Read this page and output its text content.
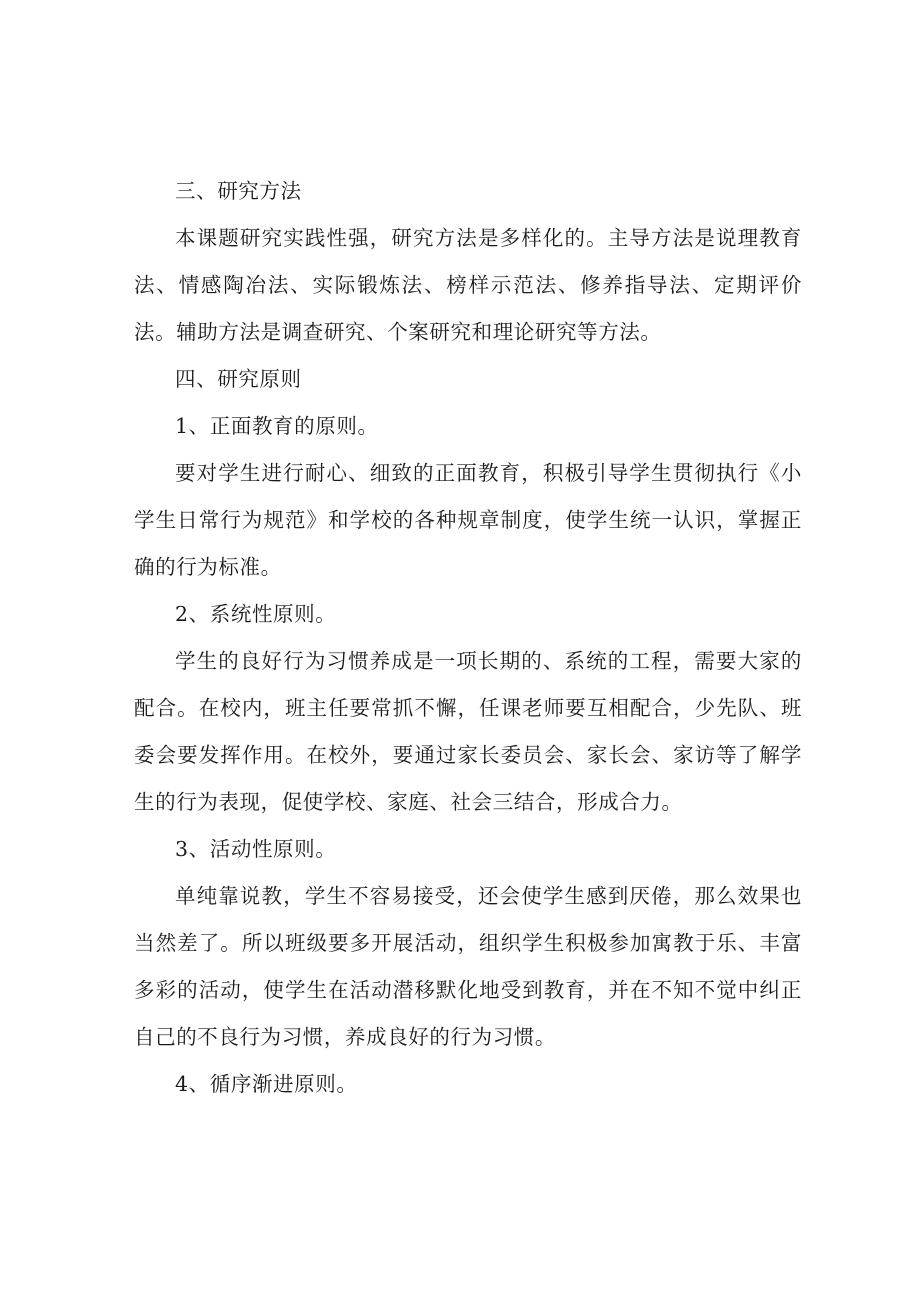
三、研究方法

本课题研究实践性强，研究方法是多样化的。主导方法是说理教育法、情感陶冶法、实际锻炼法、榜样示范法、修养指导法、定期评价法。辅助方法是调查研究、个案研究和理论研究等方法。

四、研究原则

1、正面教育的原则。

要对学生进行耐心、细致的正面教育，积极引导学生贯彻执行《小学生日常行为规范》和学校的各种规章制度，使学生统一认识，掌握正确的行为标准。

2、系统性原则。

学生的良好行为习惯养成是一项长期的、系统的工程，需要大家的配合。在校内，班主任要常抓不懈，任课老师要互相配合，少先队、班委会要发挥作用。在校外，要通过家长委员会、家长会、家访等了解学生的行为表现，促使学校、家庭、社会三结合，形成合力。

3、活动性原则。

单纯靠说教，学生不容易接受，还会使学生感到厌倦，那么效果也当然差了。所以班级要多开展活动，组织学生积极参加寓教于乐、丰富多彩的活动，使学生在活动潜移默化地受到教育，并在不知不觉中纠正自己的不良行为习惯，养成良好的行为习惯。

4、循序渐进原则。
